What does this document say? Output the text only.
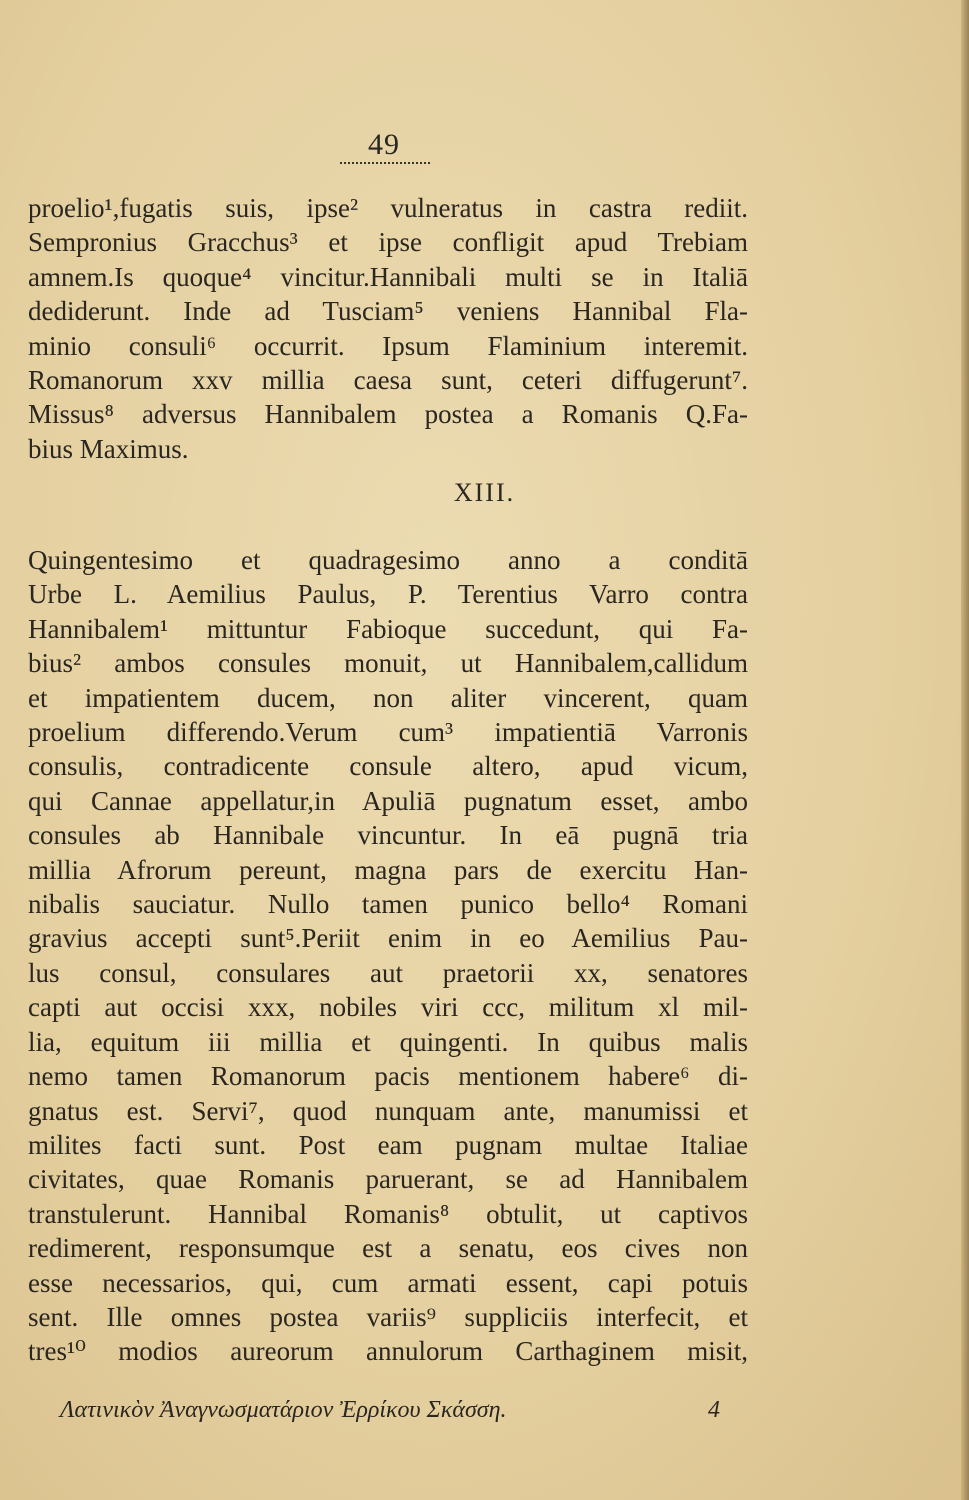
49
proelio¹,fugatis suis, ipse² vulneratus in castra rediit.
Sempronius Gracchus³ et ipse confligit apud Trebiam
amnem.Is quoque⁴ vincitur.Hannibali multi se in Italiā
dediderunt. Inde ad Tusciam⁵ veniens Hannibal Fla-
minio consuli⁶ occurrit. Ipsum Flaminium interemit.
Romanorum xxv millia caesa sunt, ceteri diffugerunt⁷.
Missus⁸ adversus Hannibalem postea a Romanis Q.Fa-
bius Maximus.
XIII.
Quingentesimo et quadragesimo anno a conditā
Urbe L. Aemilius Paulus, P. Terentius Varro contra
Hannibalem¹ mittuntur Fabioque succedunt, qui Fa-
bius² ambos consules monuit, ut Hannibalem,callidum
et impatientem ducem, non aliter vincerent, quam
proelium differendo.Verum cum³ impatientiā Varronis
consulis, contradicente consule altero, apud vicum,
qui Cannae appellatur,in Apuliā pugnatum esset, ambo
consules ab Hannibale vincuntur. In eā pugnā tria
millia Afrorum pereunt, magna pars de exercitu Han-
nibalis sauciatur. Nullo tamen punico bello⁴ Romani
gravius accepti sunt⁵.Periit enim in eo Aemilius Pau-
lus consul, consulares aut praetorii xx, senatores
capti aut occisi xxx, nobiles viri ccc, militum xl mil-
lia, equitum iii millia et quingenti. In quibus malis
nemo tamen Romanorum pacis mentionem habere⁶ di-
gnatus est. Servi⁷, quod nunquam ante, manumissi et
milites facti sunt. Post eam pugnam multae Italiae
civitates, quae Romanis paruerant, se ad Hannibalem
transtulerunt. Hannibal Romanis⁸ obtulit, ut captivos
redimerent, responsumque est a senatu, eos cives non
esse necessarios, qui, cum armati essent, capi potuis
sent. Ille omnes postea variis⁹ suppliciis interfecit, et
tres¹⁰ modios aureorum annulorum Carthaginem misit,
Λατινικὸν Ἀναγνωσματάριον Ἐρρίκου Σκάσση.	4
